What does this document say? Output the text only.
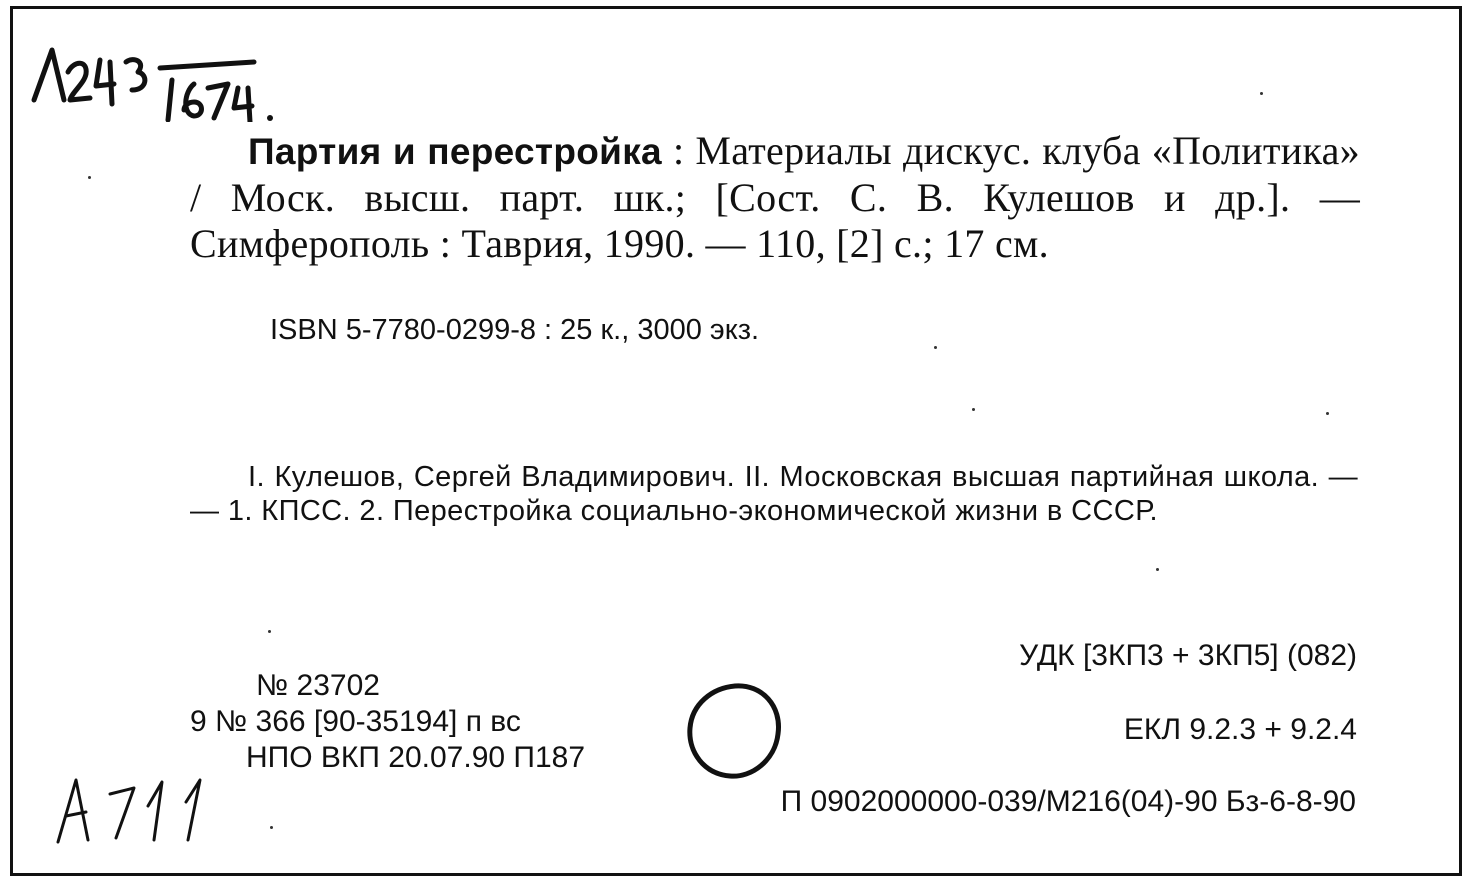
Партия и перестройка : Материалы дискус. клуба «Политика» / Моск. высш. парт. шк.; [Сост. С. В. Кулешов и др.]. — Симферополь : Таврия, 1990. — 110, [2] с.; 17 см.
ISBN 5-7780-0299-8 : 25 к., 3000 экз.
I. Кулешов, Сергей Владимирович. II. Московская высшая партийная школа. — — 1. КПСС. 2. Перестройка социально-экономической жизни в СССР.
УДК [3КП3 + 3КП5] (082)
ЕКЛ 9.2.3 + 9.2.4
№ 23702
9 № 366 [90-35194] п вс
НПО ВКП 20.07.90 П187
П 0902000000-039/М216(04)-90 Бз-6-8-90
